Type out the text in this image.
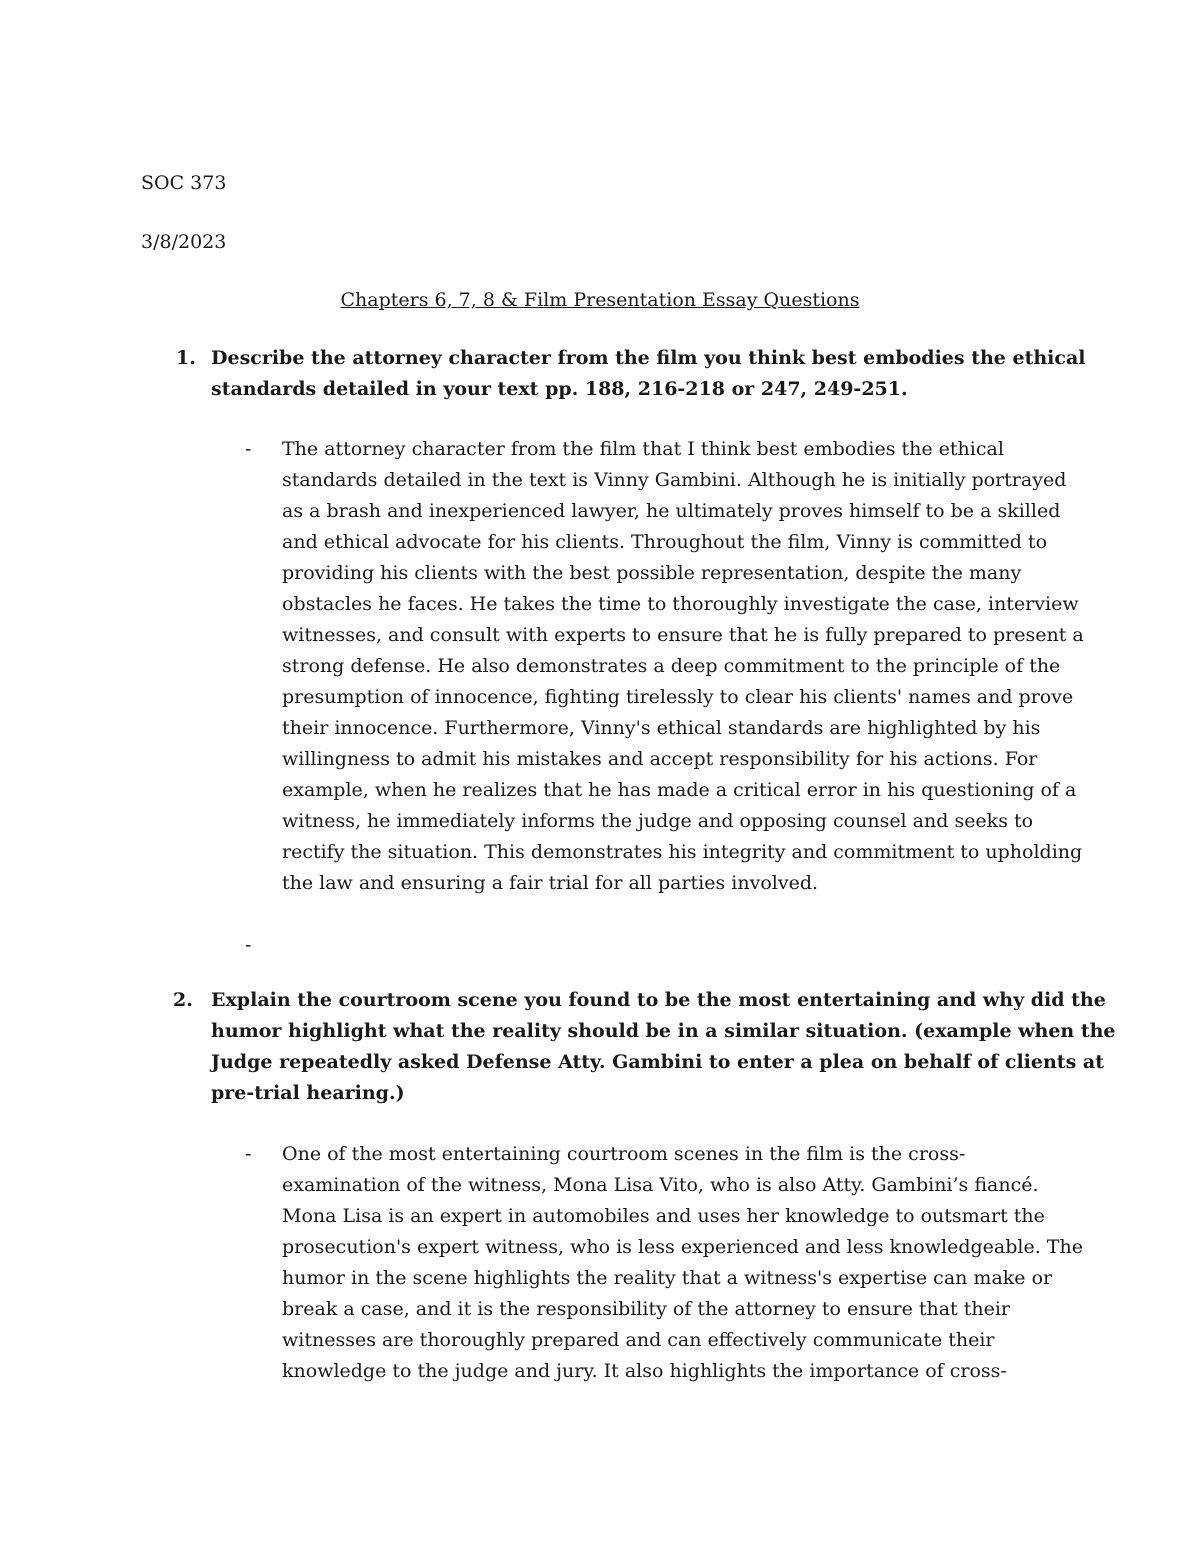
SOC 373
3/8/2023
Chapters 6, 7, 8 & Film Presentation Essay Questions
1. Describe the attorney character from the film you think best embodies the ethical
standards detailed in your text pp. 188, 216-218 or 247, 249-251.
- The attorney character from the film that I think best embodies the ethical
standards detailed in the text is Vinny Gambini. Although he is initially portrayed
as a brash and inexperienced lawyer, he ultimately proves himself to be a skilled
and ethical advocate for his clients. Throughout the film, Vinny is committed to
providing his clients with the best possible representation, despite the many
obstacles he faces. He takes the time to thoroughly investigate the case, interview
witnesses, and consult with experts to ensure that he is fully prepared to present a
strong defense. He also demonstrates a deep commitment to the principle of the
presumption of innocence, fighting tirelessly to clear his clients' names and prove
their innocence. Furthermore, Vinny's ethical standards are highlighted by his
willingness to admit his mistakes and accept responsibility for his actions. For
example, when he realizes that he has made a critical error in his questioning of a
witness, he immediately informs the judge and opposing counsel and seeks to
rectify the situation. This demonstrates his integrity and commitment to upholding
the law and ensuring a fair trial for all parties involved.
-
2. Explain the courtroom scene you found to be the most entertaining and why did the
humor highlight what the reality should be in a similar situation. (example when the
Judge repeatedly asked Defense Atty. Gambini to enter a plea on behalf of clients at
pre-trial hearing.)
- One of the most entertaining courtroom scenes in the film is the cross-
examination of the witness, Mona Lisa Vito, who is also Atty. Gambini’s fiancé.
Mona Lisa is an expert in automobiles and uses her knowledge to outsmart the
prosecution's expert witness, who is less experienced and less knowledgeable. The
humor in the scene highlights the reality that a witness's expertise can make or
break a case, and it is the responsibility of the attorney to ensure that their
witnesses are thoroughly prepared and can effectively communicate their
knowledge to the judge and jury. It also highlights the importance of cross-
